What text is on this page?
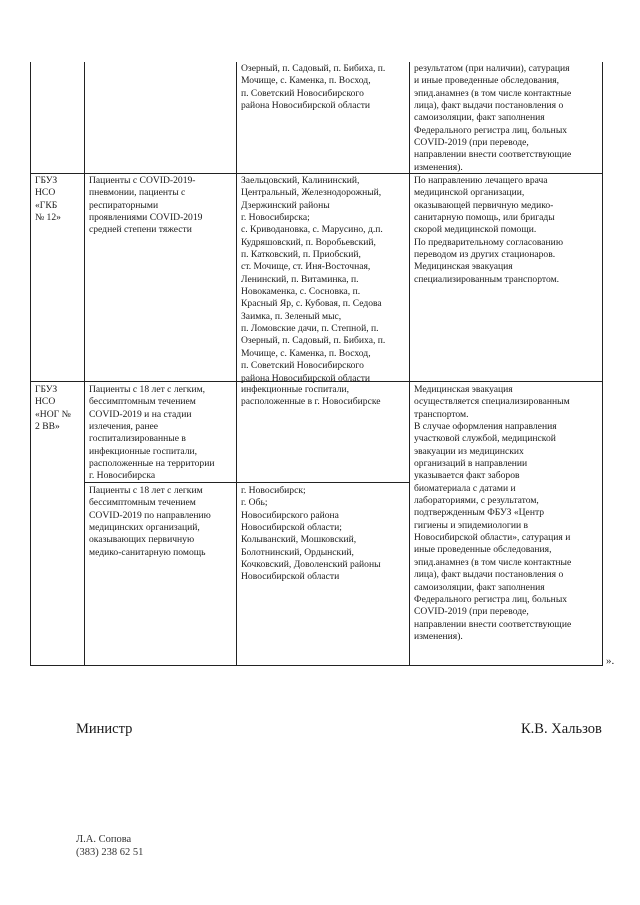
Озерный, п. Садовый, п. Бибиха, п.
Мочище, с. Каменка, п. Восход,
п. Советский Новосибирского
района Новосибирской области
результатом (при наличии), сатурация
и иные проведенные обследования,
эпид.анамнез (в том числе контактные
лица), факт выдачи постановления о
самоизоляции, факт заполнения
Федерального регистра лиц, больных
COVID-2019 (при переводе,
направлении внести соответствующие
изменения).
ГБУЗ
НСО
«ГКБ
№ 12»
Пациенты с COVID-2019-
пневмонии, пациенты с
респираторными
проявлениями COVID-2019
средней степени тяжести
Заельцовский, Калининский,
Центральный, Железнодорожный,
Дзержинский районы
г. Новосибирска;
с. Криводановка, с. Марусино, д.п.
Кудряшовский, п. Воробьевский,
п. Катковский, п. Приобский,
ст. Мочище, ст. Иня-Восточная,
Ленинский, п. Витаминка, п.
Новокаменка, с. Сосновка, п.
Красный Яр, с. Кубовая, п. Седова
Заимка, п. Зеленый мыс,
п. Ломовские дачи, п. Степной, п.
Озерный, п. Садовый, п. Бибиха, п.
Мочище, с. Каменка, п. Восход,
п. Советский Новосибирского
района Новосибирской области
По направлению лечащего врача
медицинской организации,
оказывающей первичную медико-
санитарную помощь, или бригады
скорой медицинской помощи.
По предварительному согласованию
переводом из других стационаров.
Медицинская эвакуация
специализированным транспортом.
ГБУЗ
НСО
«НОГ №
2 ВВ»
Пациенты с 18 лет с легким,
бессимптомным течением
COVID-2019 и на стадии
излечения, ранее
госпитализированные в
инфекционные госпитали,
расположенные на территории
г. Новосибирска
инфекционные госпитали,
расположенные в г. Новосибирске
Пациенты с 18 лет с легким
бессимптомным течением
COVID-2019 по направлению
медицинских организаций,
оказывающих первичную
медико-санитарную помощь
г. Новосибирск;
г. Обь;
Новосибирского района
Новосибирской области;
Колыванский, Мошковский,
Болотнинский, Ордынский,
Кочковский, Доволенский районы
Новосибирской области
Медицинская эвакуация
осуществляется специализированным
транспортом.
В случае оформления направления
участковой службой, медицинской
эвакуации из медицинских
организаций в направлении
указывается факт заборов
биоматериала с датами и
лабораториями, с результатом,
подтвержденным ФБУЗ «Центр
гигиены и эпидемиологии в
Новосибирской области», сатурация и
иные проведенные обследования,
эпид.анамнез (в том числе контактные
лица), факт выдачи постановления о
самоизоляции, факт заполнения
Федерального регистра лиц, больных
COVID-2019 (при переводе,
направлении внести соответствующие
изменения).
».
Министр	К.В. Хальзов
Л.А. Сопова
(383) 238 62 51
